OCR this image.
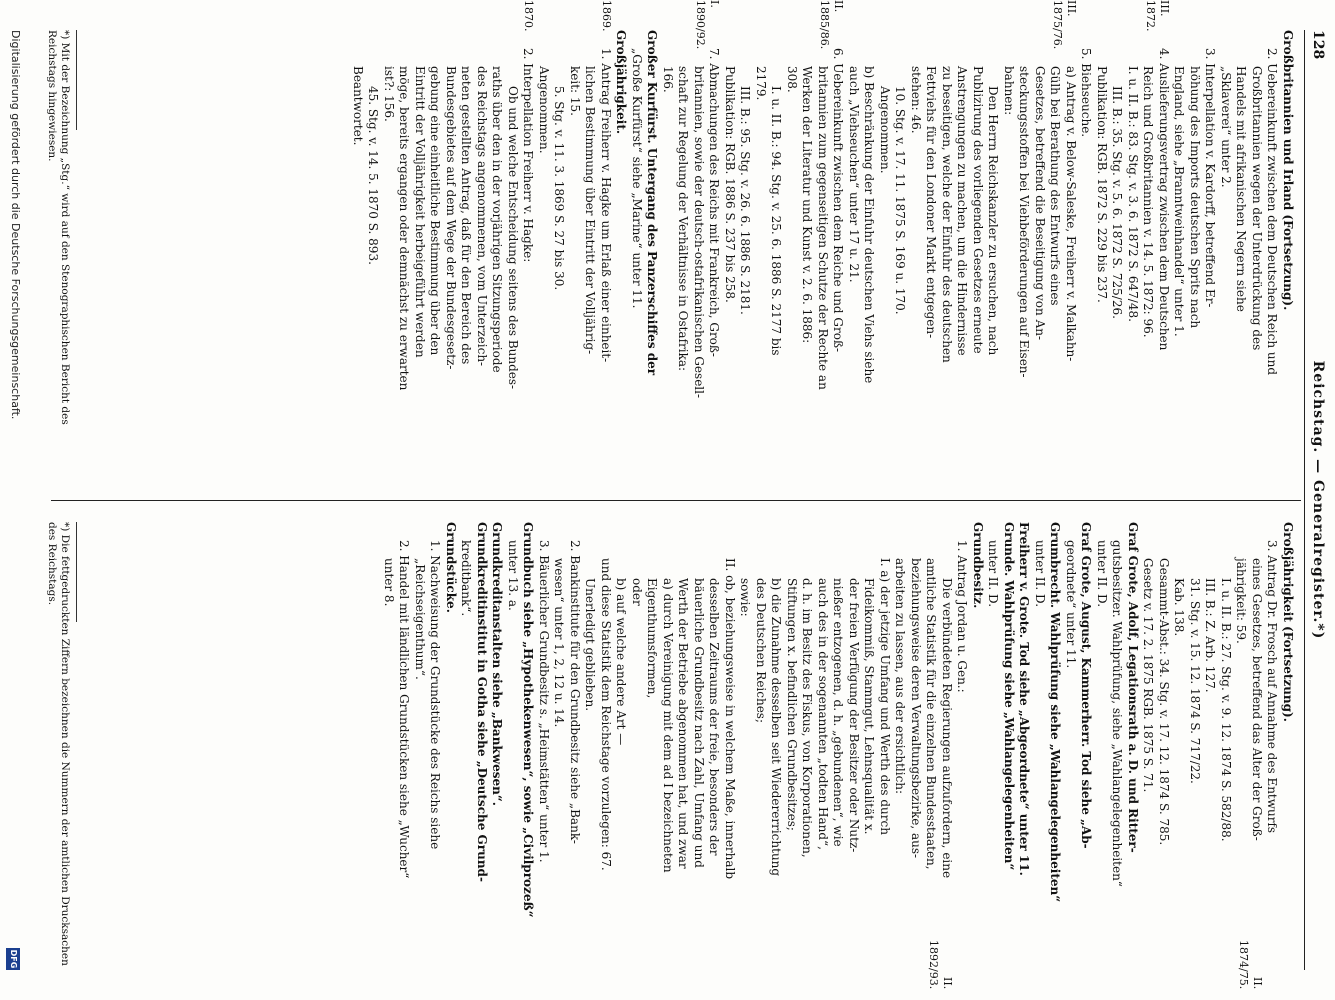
128
Reichstag. — Generalregister.*)
Großbritannien und Irland (Fortsetzung).
2. Uebereinkunft zwischen dem Deutschen Reich und
Großbritannien wegen der Unterdrückung des
Handels mit afrikanischen Negern siehe
„Sklaverei“ unter 2.
3. Interpellation v. Kardorff, betreffend Er-
höhung des Imports deutschen Sprits nach
England, siehe „Branntweinhandel“ unter 1.
4. Auslieferungsvertrag zwischen dem Deutschen
Reich und Großbritannien v. 14. 5. 1872: 96.
I. u. II. B.: 83. Stg. v. 3. 6. 1872 S. 647/48.
III. B.: 35. Stg. v. 5. 6. 1872 S. 725/26.
Publikation: RGB. 1872 S. 229 bis 237.
5. Biehseuche.
a) Antrag v. Below-Saleske, Freiherr v. Malkahn-
Gülh bei Berathung des Entwurfs eines
Gesetzes, betreffend die Beseitigung von An-
steckungsstoffen bei Viehbeförderungen auf Eisen-
bahnen:
Den Herrn Reichskanzler zu ersuchen, nach
Publizirung des vorliegenden Gesetzes erneute
Anstrengungen zu machen, um die Hindernisse
zu beseitigen, welche der Einfuhr des deutschen
Fettviehs für den Londoner Markt entgegen-
stehen: 46.
10. Stg. v. 17. 11. 1875 S. 169 u. 170.
Angenommen.
b) Beschränkung der Einfuhr deutschen Viehs siehe
auch „Viehseuchen“ unter 17 u. 21.
6. Uebereinkunft zwischen dem Reiche und Groß-
britannien zum gegenseitigen Schutze der Rechte an
Werken der Literatur und Kunst v. 2. 6. 1886:
308.
I. u. II. B.: 94. Stg. v. 25. 6. 1886 S. 2177 bis
2179.
III. B.: 95. Stg. v. 26. 6. 1886 S. 2181.
Publikation: RGB. 1886 S. 237 bis 258.
7. Abmachungen des Reichs mit Frankreich, Groß-
britannien, sowie der deutsch-ostafrikanischen Gesell-
schaft zur Regelung der Verhältnisse in Ostafrika:
166.
Großer Kurfürst. Untergang des Panzerschiffes der
„Große Kurfürst“ siehe „Marine“ unter 11.
Großjährigkeit.
1. Antrag Freiherr v. Hagke um Erlaß einer einheit-
lichen Bestimmung über Eintritt der Volljährig-
keit: 15.
5. Stg. v. 11. 3. 1869 S. 27 bis 30.
Angenommen.
2. Interpellation Freiherr v. Hagke:
Ob und welche Entscheidung seitens des Bundes-
raths über den in der vorjährigen Sitzungsperiode
des Reichstags angenommenen, vom Unterzeich-
neten gestellten Antrag, daß für den Bereich des
Bundesgebietes auf dem Wege der Bundesgesetz-
gebung eine einheitliche Bestimmung über den
Eintritt der Volljährigkeit herbeigeführt werden
möge, bereits ergangen oder demnächst zu erwarten
ist?: 156.
45. Stg. v. 14. 5. 1870 S. 893.
Beantwortet.
Großjährigkeit (Fortsetzung).
3. Antrag Dr. Frosch auf Annahme des Entwurfs
eines Gesetzes, betreffend das Alter der Groß-
jährigkeit: 59.
I. u. II. B.: 27. Stg. v. 9. 12. 1874 S. 582/88.
III. B.: Z. Arb. 127.
31. Stg. v. 15. 12. 1874 S. 717/22.
Kab. 138.
Gesammt-Abst.: 34. Stg. v. 17. 12. 1874 S. 785.
Gesetz v. 17. 2. 1875 RGB. 1875 S. 71.
Graf Grote, Adolf, Legationsrath a. D. und Ritter-
gutsbesitzer. Wahlprüfung, siehe „Wahlangelegenheiten“
unter II. D.
Graf Grote, August, Kammerherr. Tod siehe „Ab-
geordnete“ unter 11.
Grumbrecht. Wahlprüfung siehe „Wahlangelegenheiten“
unter II. D.
Freiherr v. Grote. Tod siehe „Abgeordnete“ unter 11.
Grunde. Wahlprüfung siehe „Wahlangelegenheiten“
unter II. D.
Grundbesitz.
1. Antrag Jordan u. Gen.:
Die verbündeten Regierungen aufzufordern, eine
amtliche Statistik für die einzelnen Bundesstaaten,
beziehungsweise deren Verwaltungsbezirke, aus-
arbeiten zu lassen, aus der ersichtlich:
I. a) der jetzige Umfang und Werth des durch
Fideikommiß, Stammgut, Lehnsqualität x.
der freien Verfügung der Besitzer oder Nutz-
nießer entzogenen, d. h. „gebundenen“, wie
auch des in der sogenannten „todten Hand“,
d. h. im Besitz des Fiskus, von Korporationen,
Stiftungen x. befindlichen Grundbesitzes;
b) die Zunahme desselben seit Wiedererrichtung
des Deutschen Reiches;
sowie:
II. ob, beziehungsweise in welchem Maße, innerhalb
desselben Zeitraums der freie, besonders der
bäuerliche Grundbesitz nach Zahl, Umfang und
Werth der Betriebe abgenommen hat, und zwar
a) durch Vereinigung mit dem ad I bezeichneten
Eigenthumsformen,
oder
b) auf welche andere Art —
und diese Statistik dem Reichstage vorzulegen: 67.
Unerledigt geblieben.
2. Bankinstitute für den Grundbesitz siehe „Bank-
wesen“ unter 1, 2, 12 u. 14.
3. Bäuerlicher Grundbesitz s. „Heimstätten“ unter 1.
Grundbuch siehe „Hypothekenwesen“, sowie „Civilprozeß“
unter 13. a.
Grundkreditanstalten siehe „Bankwesen“.
Grundkreditinstitut in Gotha siehe „Deutsche Grund-
kreditbank“.
Grundstücke.
1. Nachweisung der Grundstücke des Reichs siehe
„Reichseigenthum“.
2. Handel mit ländlichen Grundstücken siehe „Wucher“
unter 8.
*) Mit der Bezeichnung „Stg.“ wird auf den Stenographischen Bericht des Reichstags hingewiesen.
*) Die fettgedruckten Ziffern bezeichnen die Nummern der amtlichen Drucksachen des Reichstags.
Digitalisierung gefördert durch die Deutsche Forschungsgemeinschaft.
DFG
III.
1872.
III.
1875/76.
II.
1885/86.
I.
1890/92.
1869.
1870.
II.
1874/75.
II.
1892/93.
